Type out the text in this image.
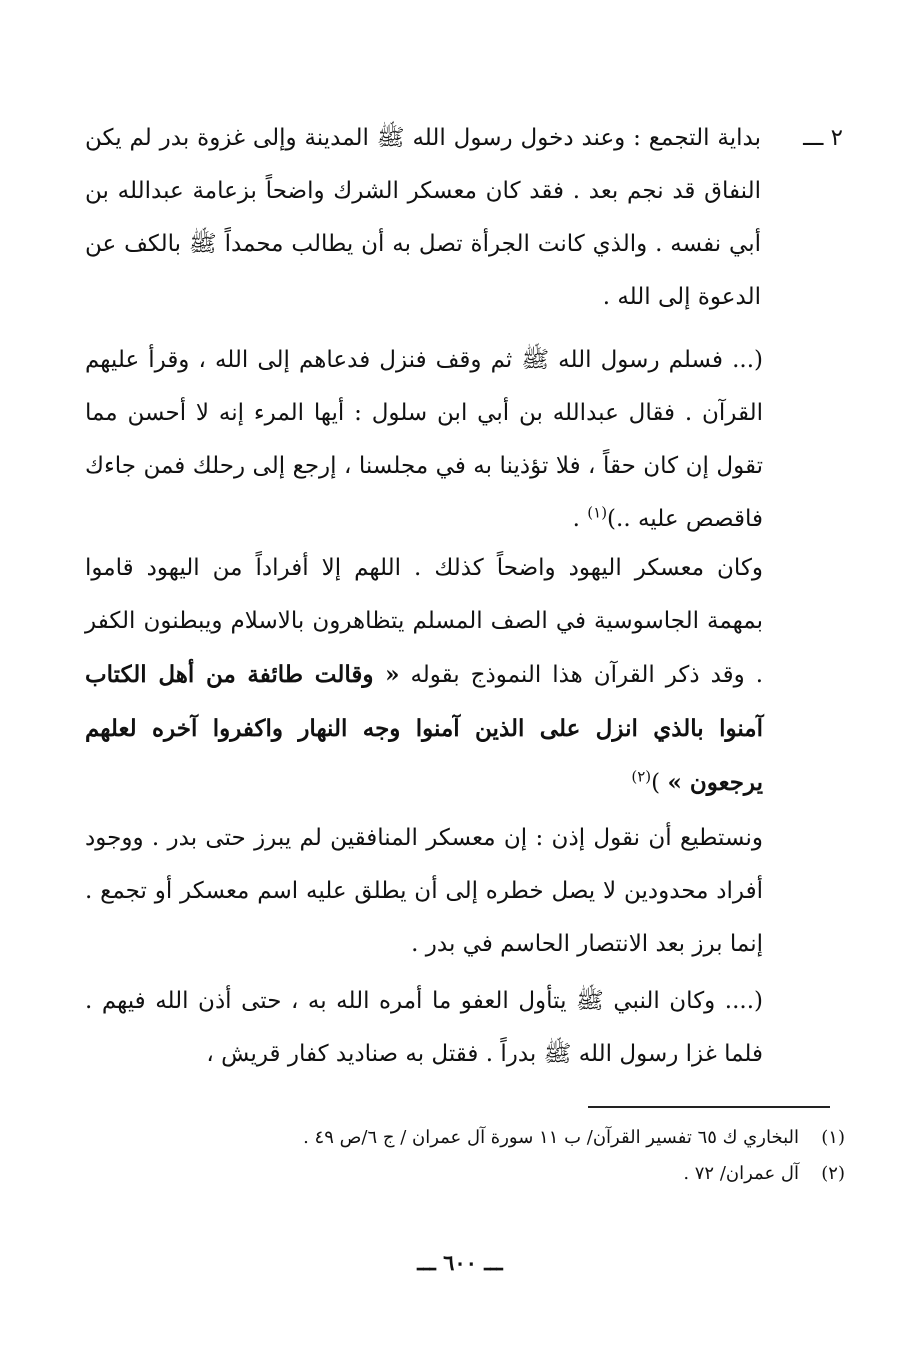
٢ ـــ
بداية التجمع : وعند دخول رسول الله ﷺ المدينة وإلى غزوة بدر لم يكن النفاق قد نجم بعد . فقد كان معسكر الشرك واضحاً بزعامة عبدالله بن أبي نفسه . والذي كانت الجرأة تصل به أن يطالب محمداً ﷺ بالكف عن الدعوة إلى الله .
(... فسلم رسول الله ﷺ ثم وقف فنزل فدعاهم إلى الله ، وقرأ عليهم القرآن . فقال عبدالله بن أبي ابن سلول : أيها المرء إنه لا أحسن مما تقول إن كان حقاً ، فلا تؤذينا به في مجلسنا ، إرجع إلى رحلك فمن جاءك فاقصص عليه ..)$^{(١)}$ .
وكان معسكر اليهود واضحاً كذلك . اللهم إلا أفراداً من اليهود قاموا بمهمة الجاسوسية في الصف المسلم يتظاهرون بالاسلام ويبطنون الكفر . وقد ذكر القرآن هذا النموذج بقوله « وقالت طائفة من أهل الكتاب آمنوا بالذي انزل على الذين آمنوا وجه النهار واكفروا آخره لعلهم يرجعون » )$^{(٢)}$
ونستطيع أن نقول إذن : إن معسكر المنافقين لم يبرز حتى بدر . ووجود أفراد محدودين لا يصل خطره إلى أن يطلق عليه اسم معسكر أو تجمع . إنما برز بعد الانتصار الحاسم في بدر .
(.... وكان النبي ﷺ يتأول العفو ما أمره الله به ، حتى أذن الله فيهم . فلما غزا رسول الله ﷺ بدراً . فقتل به صناديد كفار قريش ،
(١)
البخاري ك ٦٥ تفسير القرآن/ ب ١١ سورة آل عمران / ج ٦/ص ٤٩ .
(٢)
آل عمران/ ٧٢ .
ـــ ٦٠٠ ـــ
